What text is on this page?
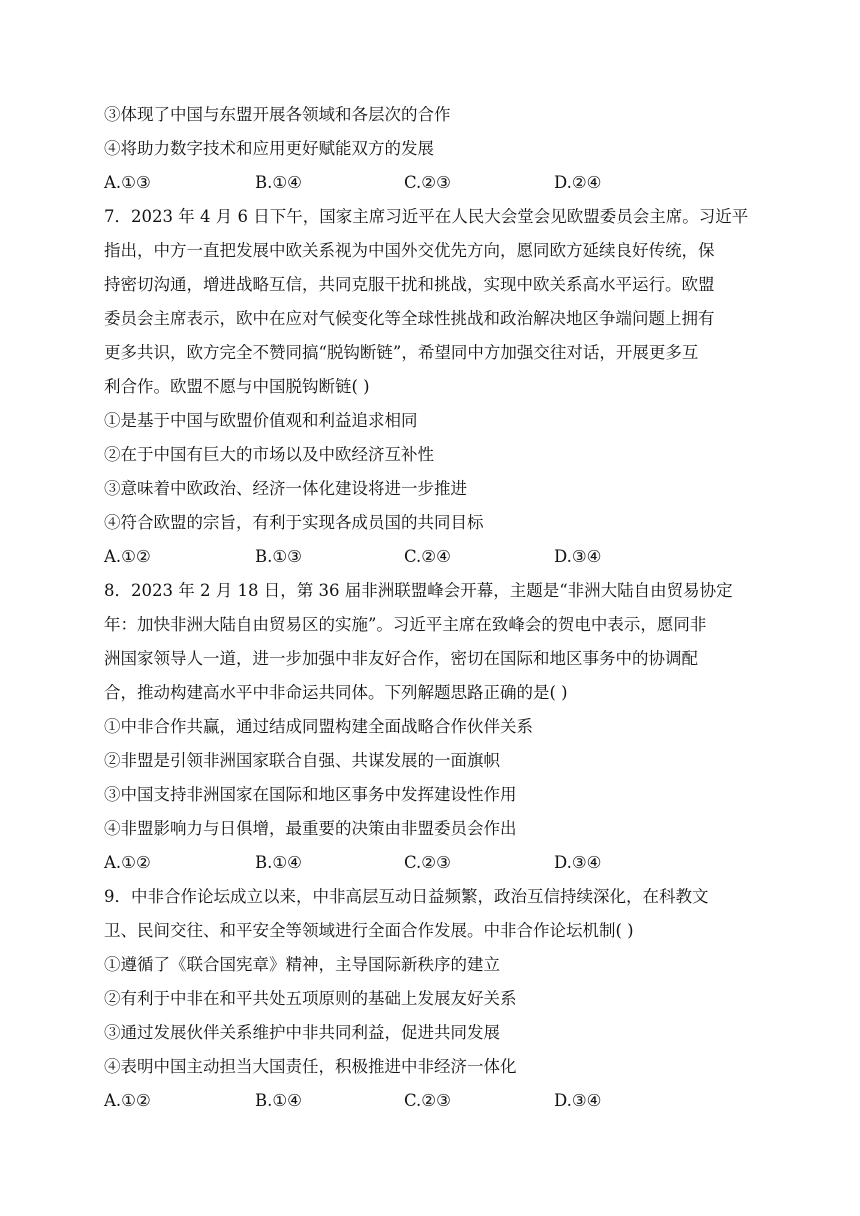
③体现了中国与东盟开展各领域和各层次的合作
④将助力数字技术和应用更好赋能双方的发展
A.①③	B.①④	C.②③	D.②④
7．2023 年 4 月 6 日下午，国家主席习近平在人民大会堂会见欧盟委员会主席。习近平
指出，中方一直把发展中欧关系视为中国外交优先方向，愿同欧方延续良好传统，保
持密切沟通，增进战略互信，共同克服干扰和挑战，实现中欧关系高水平运行。欧盟
委员会主席表示，欧中在应对气候变化等全球性挑战和政治解决地区争端问题上拥有
更多共识，欧方完全不赞同搞“脱钩断链”，希望同中方加强交往对话，开展更多互
利合作。欧盟不愿与中国脱钩断链( )
①是基于中国与欧盟价值观和利益追求相同
②在于中国有巨大的市场以及中欧经济互补性
③意味着中欧政治、经济一体化建设将进一步推进
④符合欧盟的宗旨，有利于实现各成员国的共同目标
A.①②	B.①③	C.②④	D.③④
8．2023 年 2 月 18 日，第 36 届非洲联盟峰会开幕，主题是“非洲大陆自由贸易协定
年：加快非洲大陆自由贸易区的实施”。习近平主席在致峰会的贺电中表示，愿同非
洲国家领导人一道，进一步加强中非友好合作，密切在国际和地区事务中的协调配
合，推动构建高水平中非命运共同体。下列解题思路正确的是( )
①中非合作共赢，通过结成同盟构建全面战略合作伙伴关系
②非盟是引领非洲国家联合自强、共谋发展的一面旗帜
③中国支持非洲国家在国际和地区事务中发挥建设性作用
④非盟影响力与日俱增，最重要的决策由非盟委员会作出
A.①②	B.①④	C.②③	D.③④
9．中非合作论坛成立以来，中非高层互动日益频繁，政治互信持续深化，在科教文
卫、民间交往、和平安全等领域进行全面合作发展。中非合作论坛机制( )
①遵循了《联合国宪章》精神，主导国际新秩序的建立
②有利于中非在和平共处五项原则的基础上发展友好关系
③通过发展伙伴关系维护中非共同利益，促进共同发展
④表明中国主动担当大国责任，积极推进中非经济一体化
A.①②	B.①④	C.②③	D.③④
